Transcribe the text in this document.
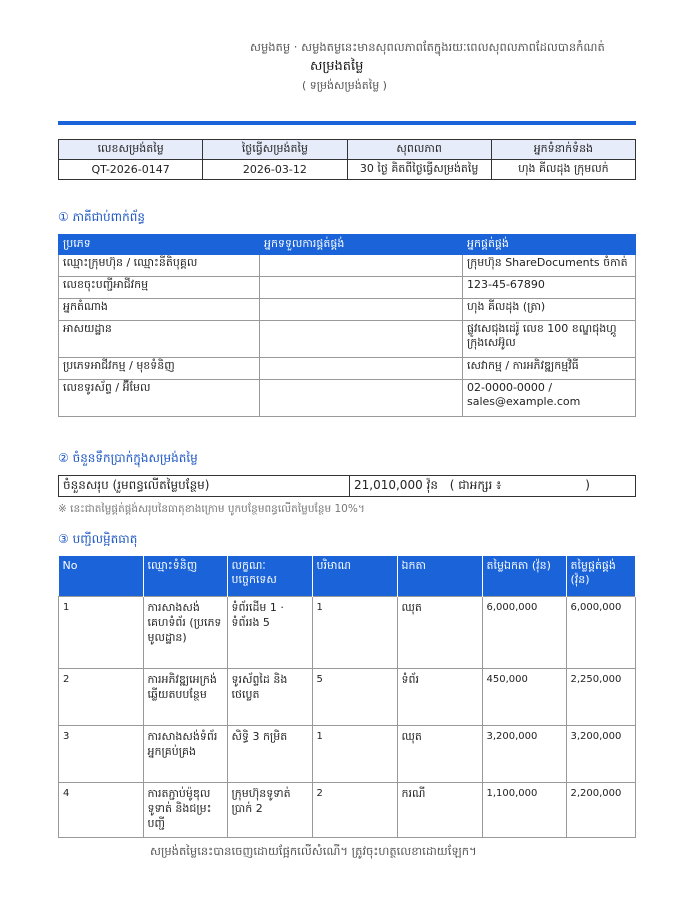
សម្ងងតម្ង · សម្ងងតម្ងនេះមានសុពលភាពតែក្នុងរយៈពេលសុពលភាពដែលបានកំណត់
សម្រងតម្លៃ
( ទម្រង់សម្រង់តម្លៃ )
លេខសម្រង់តម្លៃ	ថ្ងៃធ្វើសម្រង់តម្លៃ	សុពលភាព	អ្នកទំនាក់ទំនង
QT-2026-0147	2026-03-12	30 ថ្ងៃ គិតពីថ្ងៃធ្វើសម្រង់តម្លៃ	ហុង គីលដុង ក្រុមលក់
① ភាគីជាប់ពាក់ព័ន្ធ
ប្រភេទ	អ្នកទទួលការផ្គត់ផ្គង់	អ្នកផ្គត់ផ្គង់
ឈ្មោះក្រុមហ៊ុន / ឈ្មោះនីតិបុគ្គល		ក្រុមហ៊ុន ShareDocuments ចំកាត់
លេខចុះបញ្ជីអាជីវកម្ម		123-45-67890
អ្នកតំណាង		ហុង គីលដុង (ត្រា)
អាសយដ្ឋាន		ផ្លូវសេជុងដេរ៉ូ លេខ 100 ខណ្ឌជុងហ្គូ ក្រុងសេអ៊ូល
ប្រភេទអាជីវកម្ម / មុខទំនិញ		សេវាកម្ម / ការអភិវឌ្ឍកម្មវិធី
លេខទូរស័ព្ទ / អ៊ីមែល		02-0000-0000 / sales@example.com
② ចំនួនទឹកប្រាក់ក្នុងសម្រង់តម្លៃ
ចំនួនសរុប (រួមពន្ធលើតម្លៃបន្ថែម)	21,010,000 វ៉ុន ( ជាអក្សរ ៖	)
※ នេះជាតម្លៃផ្គត់ផ្គង់សរុបនៃធាតុខាងក្រោម បូកបន្ថែមពន្ធលើតម្លៃបន្ថែម 10%។
③ បញ្ជីលម្អិតធាតុ
No	ឈ្មោះទំនិញ	លក្ខណៈ បច្ចេកទេស	បរិមាណ	ឯកតា	តម្លៃឯកតា (វ៉ុន)	តម្លៃផ្គត់ផ្គង់ (វ៉ុន)
1	ការសាងសង់គេហទំព័រ (ប្រភេទមូលដ្ឋាន)	ទំព័រដើម 1 · ទំព័ររង 5	1	ឈុត	6,000,000	6,000,000
2	ការអភិវឌ្ឍអេក្រង់ឆ្លើយតបបន្ថែម	ទូរស័ព្ទដៃ និង ថេប្លេត	5	ទំព័រ	450,000	2,250,000
3	ការសាងសង់ទំព័រ អ្នកគ្រប់គ្រង	សិទ្ធិ 3 កម្រិត	1	ឈុត	3,200,000	3,200,000
4	ការតភ្ជាប់ម៉ូឌុលទូទាត់ និងជម្រះបញ្ជី	ក្រុមហ៊ុនទូទាត់ប្រាក់ 2	2	ករណី	1,100,000	2,200,000
សម្រង់តម្លៃនេះបានចេញដោយផ្អែកលើសំណើ។ ត្រូវចុះហត្ថលេខាដោយឡែក។
